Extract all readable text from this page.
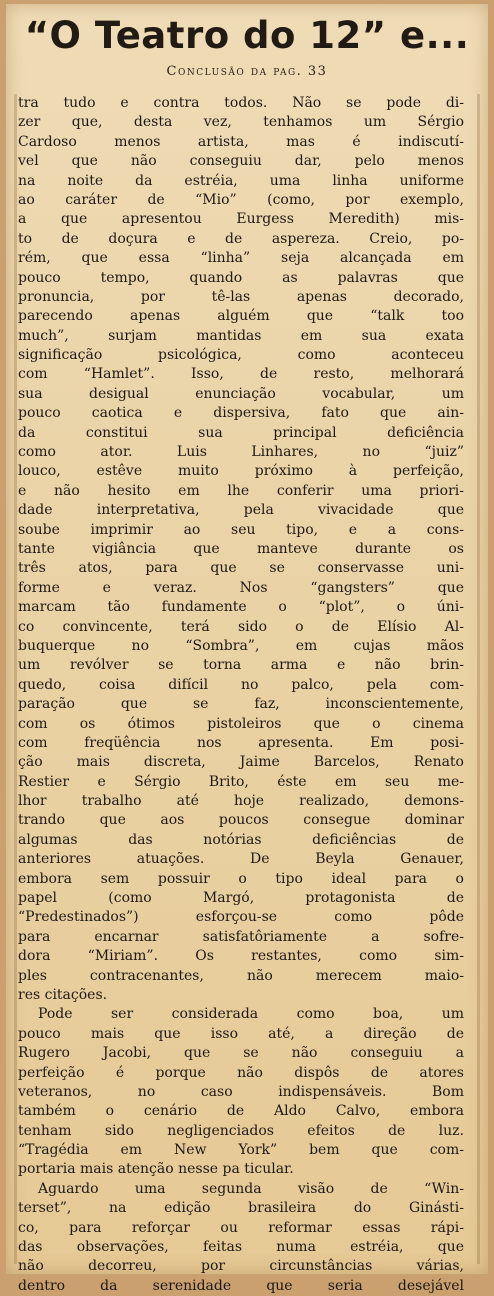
“O Teatro do 12” e...

Conclusão da pag. 33

tra tudo e contra todos. Não se pode di-
zer que, desta vez, tenhamos um Sérgio
Cardoso menos artista, mas é indiscutí-
vel que não conseguiu dar, pelo menos
na noite da estréia, uma linha uniforme
ao caráter de “Mio” (como, por exemplo,
a que apresentou Eurgess Meredith) mis-
to de doçura e de aspereza. Creio, po-
rém, que essa “linha” seja alcançada em
pouco tempo, quando as palavras que
pronuncia, por tê-las apenas decorado,
parecendo apenas alguém que “talk too
much”, surjam mantidas em sua exata
significação psicológica, como aconteceu
com “Hamlet”. Isso, de resto, melhorará
sua desigual enunciação vocabular, um
pouco caotica e dispersiva, fato que ain-
da constitui sua principal deficiência
como ator. Luis Linhares, no “juiz”
louco, estêve muito próximo à perfeição,
e não hesito em lhe conferir uma priori-
dade interpretativa, pela vivacidade que
soube imprimir ao seu tipo, e a cons-
tante vigiância que manteve durante os
três atos, para que se conservasse uni-
forme e veraz. Nos “gangsters” que
marcam tão fundamente o “plot”, o úni-
co convincente, terá sido o de Elísio Al-
buquerque no “Sombra”, em cujas mãos
um revólver se torna arma e não brin-
quedo, coisa difícil no palco, pela com-
paração que se faz, inconscientemente,
com os ótimos pistoleiros que o cinema
com freqüência nos apresenta. Em posi-
ção mais discreta, Jaime Barcelos, Renato
Restier e Sérgio Brito, éste em seu me-
lhor trabalho até hoje realizado, demons-
trando que aos poucos consegue dominar
algumas das notórias deficiências de
anteriores atuações. De Beyla Genauer,
embora sem possuir o tipo ideal para o
papel (como Margó, protagonista de
“Predestinados”) esforçou-se como pôde
para encarnar satisfatôriamente a sofre-
dora “Miriam”. Os restantes, como sim-
ples contracenantes, não merecem maio-
res citações.
Pode ser considerada como boa, um
pouco mais que isso até, a direção de
Rugero Jacobi, que se não conseguiu a
perfeição é porque não dispôs de atores
veteranos, no caso indispensáveis. Bom
também o cenário de Aldo Calvo, embora
tenham sido negligenciados efeitos de luz.
“Tragédia em New York” bem que com-
portaria mais atenção nesse pa ticular.
Aguardo uma segunda visão de “Win-
terset”, na edição brasileira do Ginásti-
co, para reforçar ou reformar essas rápi-
das observações, feitas numa estréia, que
não decorreu, por circunstâncias várias,
dentro da serenidade que seria desejável
